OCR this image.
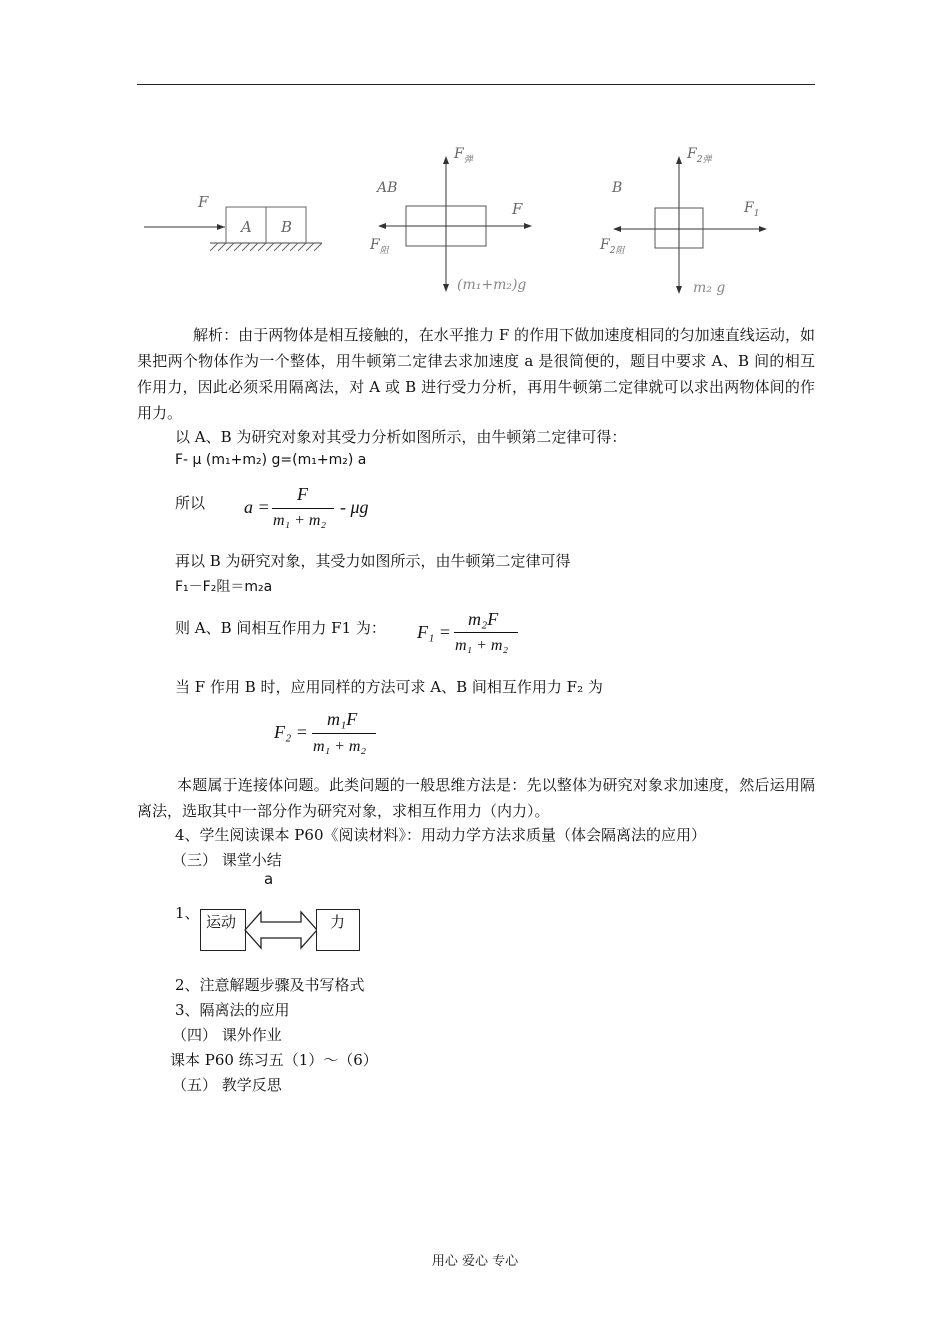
F
A B
AB
$F_弹$
F
$F_阻$
(m₁+m₂)g
B
$F_{2弹}$
$F_1$
$F_{2阻}$
m₂ g
解析：由于两物体是相互接触的，在水平推力 F 的作用下做加速度相同的匀加速直线运动，如果把两个物体作为一个整体，用牛顿第二定律去求加速度 a 是很简便的，题目中要求 A、B 间的相互作用力，因此必须采用隔离法，对 A 或 B 进行受力分析，再用牛顿第二定律就可以求出两物体间的作用力。
以 A、B 为研究对象对其受力分析如图所示，由牛顿第二定律可得：
F- μ (m₁+m₂) g=(m₁+m₂) a
所以 a =
F
m₁ + m₂
- μg
再以 B 为研究对象，其受力如图所示，由牛顿第二定律可得
F₁－F₂阻＝m₂a
则 A、B 间相互作用力 F1 为： F₁ =
m₂F
m₁ + m₂
当 F 作用 B 时，应用同样的方法可求 A、B 间相互作用力 F₂ 为
F₂ =
m₁F
m₁ + m₂
本题属于连接体问题。此类问题的一般思维方法是：先以整体为研究对象求加速度，然后运用隔离法，选取其中一部分作为研究对象，求相互作用力（内力）。
4、学生阅读课本 P60《阅读材料》：用动力学方法求质量（体会隔离法的应用）
（三） 课堂小结
a
1、 运动	力
2、注意解题步骤及书写格式
3、隔离法的应用
（四） 课外作业
课本 P60 练习五（1）～（6）
（五） 教学反思
用心 爱心 专心
